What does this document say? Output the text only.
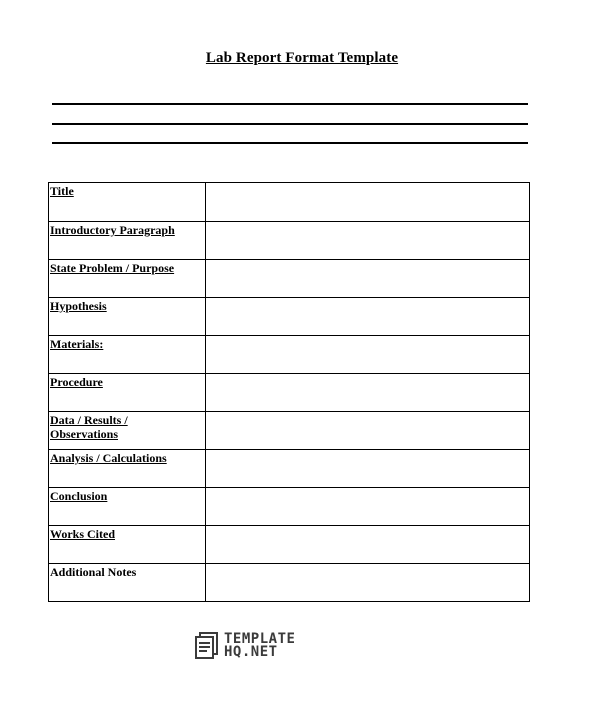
Lab Report Format Template
Title	
Introductory Paragraph	
State Problem / Purpose	
Hypothesis	
Materials:	
Procedure	
Data / Results / Observations	
Analysis / Calculations	
Conclusion	
Works Cited	
Additional Notes	
TEMPLATE
HQ.NET
